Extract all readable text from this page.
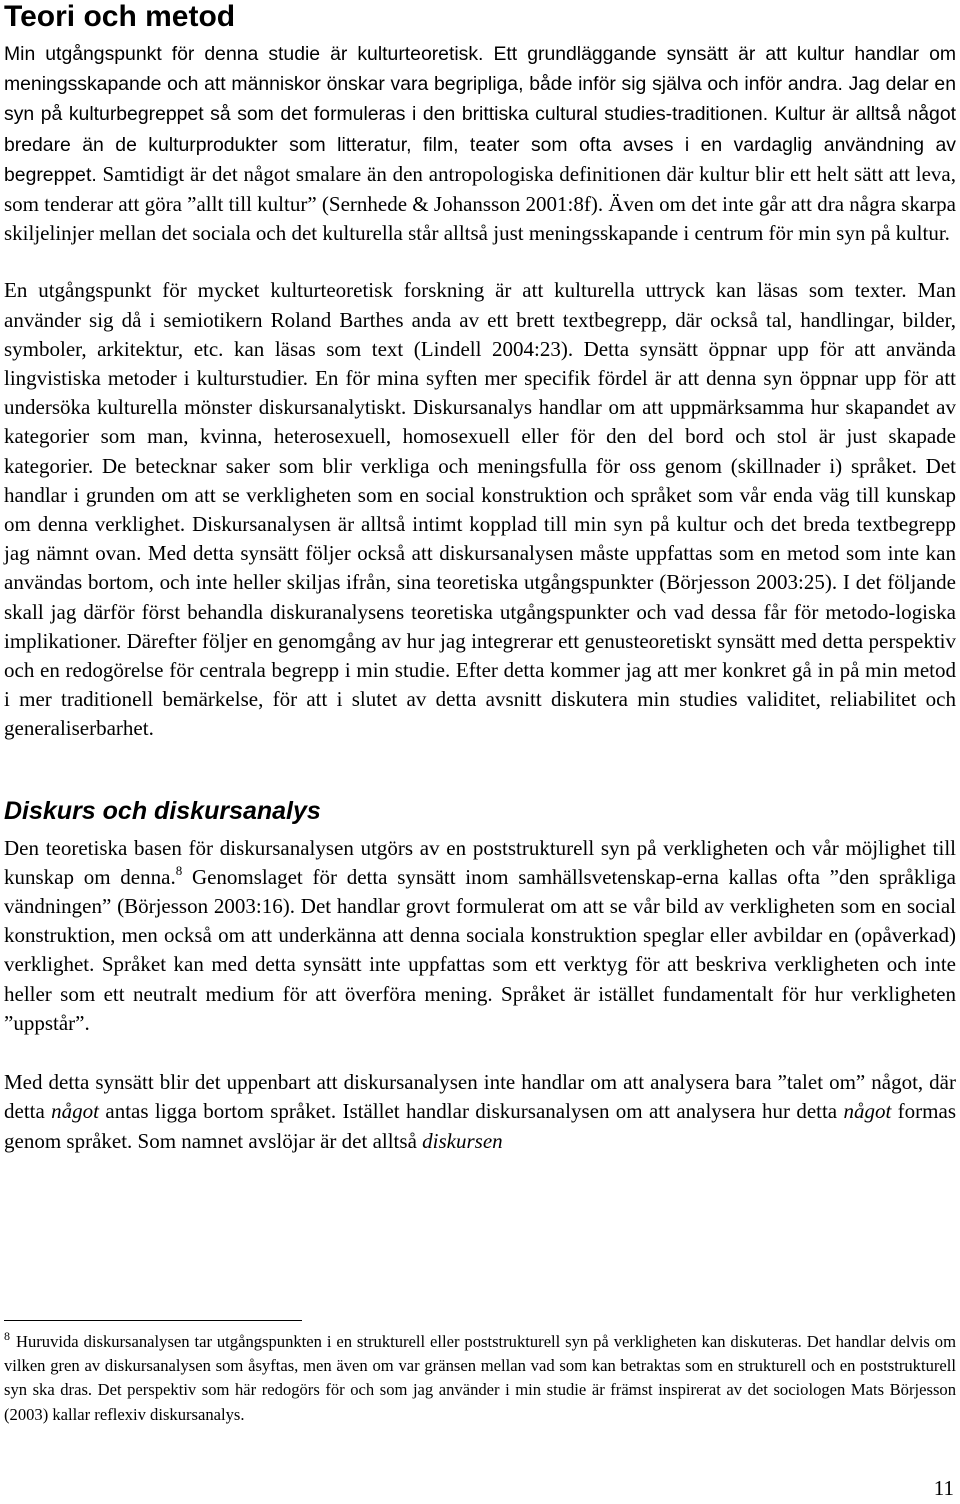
Teori och metod

Min utgångspunkt för denna studie är kulturteoretisk. Ett grundläggande synsätt är att kultur handlar om meningsskapande och att människor önskar vara begripliga, både inför sig själva och inför andra. Jag delar en syn på kulturbegreppet så som det formuleras i den brittiska cultural studies-traditionen. Kultur är alltså något bredare än de kulturprodukter som litteratur, film, teater som ofta avses i en vardaglig användning av begreppet. Samtidigt är det något smalare än den antropologiska definitionen där kultur blir ett helt sätt att leva, som tenderar att göra ”allt till kultur” (Sernhede & Johansson 2001:8f). Även om det inte går att dra några skarpa skiljelinjer mellan det sociala och det kulturella står alltså just meningsskapande i centrum för min syn på kultur.

En utgångspunkt för mycket kulturteoretisk forskning är att kulturella uttryck kan läsas som texter. Man använder sig då i semiotikern Roland Barthes anda av ett brett textbegrepp, där också tal, handlingar, bilder, symboler, arkitektur, etc. kan läsas som text (Lindell 2004:23). Detta synsätt öppnar upp för att använda lingvistiska metoder i kulturstudier. En för mina syften mer specifik fördel är att denna syn öppnar upp för att undersöka kulturella mönster diskursanalytiskt. Diskursanalys handlar om att uppmärksamma hur skapandet av kategorier som man, kvinna, heterosexuell, homosexuell eller för den del bord och stol är just skapade kategorier. De betecknar saker som blir verkliga och meningsfulla för oss genom (skillnader i) språket. Det handlar i grunden om att se verkligheten som en social konstruktion och språket som vår enda väg till kunskap om denna verklighet. Diskursanalysen är alltså intimt kopplad till min syn på kultur och det breda textbegrepp jag nämnt ovan. Med detta synsätt följer också att diskursanalysen måste uppfattas som en metod som inte kan användas bortom, och inte heller skiljas ifrån, sina teoretiska utgångspunkter (Börjesson 2003:25). I det följande skall jag därför först behandla diskuranalysens teoretiska utgångspunkter och vad dessa får för metodo-logiska implikationer. Därefter följer en genomgång av hur jag integrerar ett genusteoretiskt synsätt med detta perspektiv och en redogörelse för centrala begrepp i min studie. Efter detta kommer jag att mer konkret gå in på min metod i mer traditionell bemärkelse, för att i slutet av detta avsnitt diskutera min studies validitet, reliabilitet och generaliserbarhet.

Diskurs och diskursanalys

Den teoretiska basen för diskursanalysen utgörs av en poststrukturell syn på verkligheten och vår möjlighet till kunskap om denna.$^8$ Genomslaget för detta synsätt inom samhällsvetenskap-erna kallas ofta ”den språkliga vändningen” (Börjesson 2003:16). Det handlar grovt formulerat om att se vår bild av verkligheten som en social konstruktion, men också om att underkänna att denna sociala konstruktion speglar eller avbildar en (opåverkad) verklighet. Språket kan med detta synsätt inte uppfattas som ett verktyg för att beskriva verkligheten och inte heller som ett neutralt medium för att överföra mening. Språket är istället fundamentalt för hur verkligheten ”uppstår”.

Med detta synsätt blir det uppenbart att diskursanalysen inte handlar om att analysera bara ”talet om” något, där detta något antas ligga bortom språket. Istället handlar diskursanalysen om att analysera hur detta något formas genom språket. Som namnet avslöjar är det alltså diskursen

$^8$ Huruvida diskursanalysen tar utgångspunkten i en strukturell eller poststrukturell syn på verkligheten kan diskuteras. Det handlar delvis om vilken gren av diskursanalysen som åsyftas, men även om var gränsen mellan vad som kan betraktas som en strukturell och en poststrukturell syn ska dras. Det perspektiv som här redogörs för och som jag använder i min studie är främst inspirerat av det sociologen Mats Börjesson (2003) kallar reflexiv diskursanalys.

11
